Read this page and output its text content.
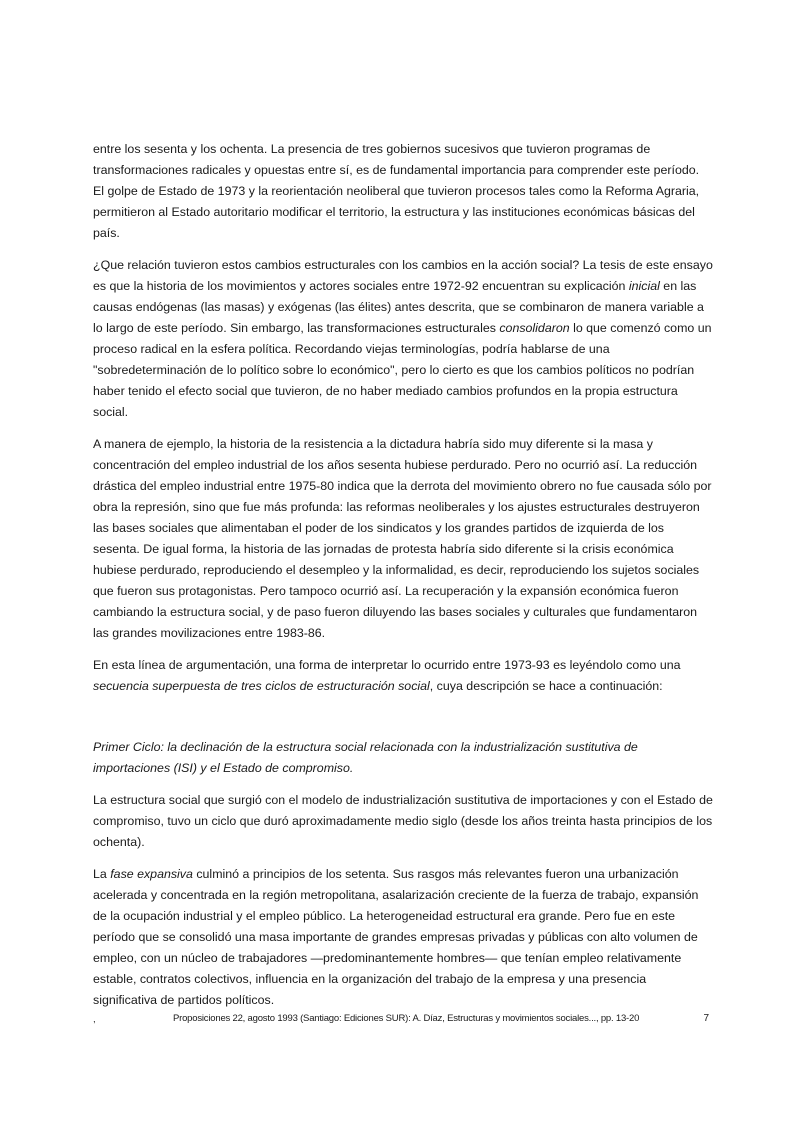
entre los sesenta y los ochenta. La presencia de tres gobiernos sucesivos que tuvieron programas de transformaciones radicales y opuestas entre sí, es de fundamental importancia para comprender este período. El golpe de Estado de 1973 y la reorientación neoliberal que tuvieron procesos tales como la Reforma Agraria, permitieron al Estado autoritario modificar el territorio, la estructura y las instituciones económicas básicas del país.

¿Que relación tuvieron estos cambios estructurales con los cambios en la acción social? La tesis de este ensayo es que la historia de los movimientos y actores sociales entre 1972-92 encuentran su explicación inicial en las causas endógenas (las masas) y exógenas (las élites) antes descrita, que se combinaron de manera variable a lo largo de este período. Sin embargo, las transformaciones estructurales consolidaron lo que comenzó como un proceso radical en la esfera política. Recordando viejas terminologías, podría hablarse de una "sobredeterminación de lo político sobre lo económico", pero lo cierto es que los cambios políticos no podrían haber tenido el efecto social que tuvieron, de no haber mediado cambios profundos en la propia estructura social.

A manera de ejemplo, la historia de la resistencia a la dictadura habría sido muy diferente si la masa y concentración del empleo industrial de los años sesenta hubiese perdurado. Pero no ocurrió así. La reducción drástica del empleo industrial entre 1975-80 indica que la derrota del movimiento obrero no fue causada sólo por obra la represión, sino que fue más profunda: las reformas neoliberales y los ajustes estructurales destruyeron las bases sociales que alimentaban el poder de los sindicatos y los grandes partidos de izquierda de los sesenta. De igual forma, la historia de las jornadas de protesta habría sido diferente si la crisis económica hubiese perdurado, reproduciendo el desempleo y la informalidad, es decir, reproduciendo los sujetos sociales que fueron sus protagonistas. Pero tampoco ocurrió así. La recuperación y la expansión económica fueron cambiando la estructura social, y de paso fueron diluyendo las bases sociales y culturales que fundamentaron las grandes movilizaciones entre 1983-86.

En esta línea de argumentación, una forma de interpretar lo ocurrido entre 1973-93 es leyéndolo como una secuencia superpuesta de tres ciclos de estructuración social, cuya descripción se hace a continuación:

Primer Ciclo: la declinación de la estructura social relacionada con la industrialización sustitutiva de importaciones (ISI) y el Estado de compromiso.

La estructura social que surgió con el modelo de industrialización sustitutiva de importaciones y con el Estado de compromiso, tuvo un ciclo que duró aproximadamente medio siglo (desde los años treinta hasta principios de los ochenta).

La fase expansiva culminó a principios de los setenta. Sus rasgos más relevantes fueron una urbanización acelerada y concentrada en la región metropolitana, asalarización creciente de la fuerza de trabajo, expansión de la ocupación industrial y el empleo público. La heterogeneidad estructural era grande. Pero fue en este período que se consolidó una masa importante de grandes empresas privadas y públicas con alto volumen de empleo, con un núcleo de trabajadores —predominantemente hombres— que tenían empleo relativamente estable, contratos colectivos, influencia en la organización del trabajo de la empresa y una presencia significativa de partidos políticos.

,	Proposiciones 22, agosto 1993 (Santiago: Ediciones SUR): A. Díaz, Estructuras y movimientos sociales..., pp. 13-20	7
